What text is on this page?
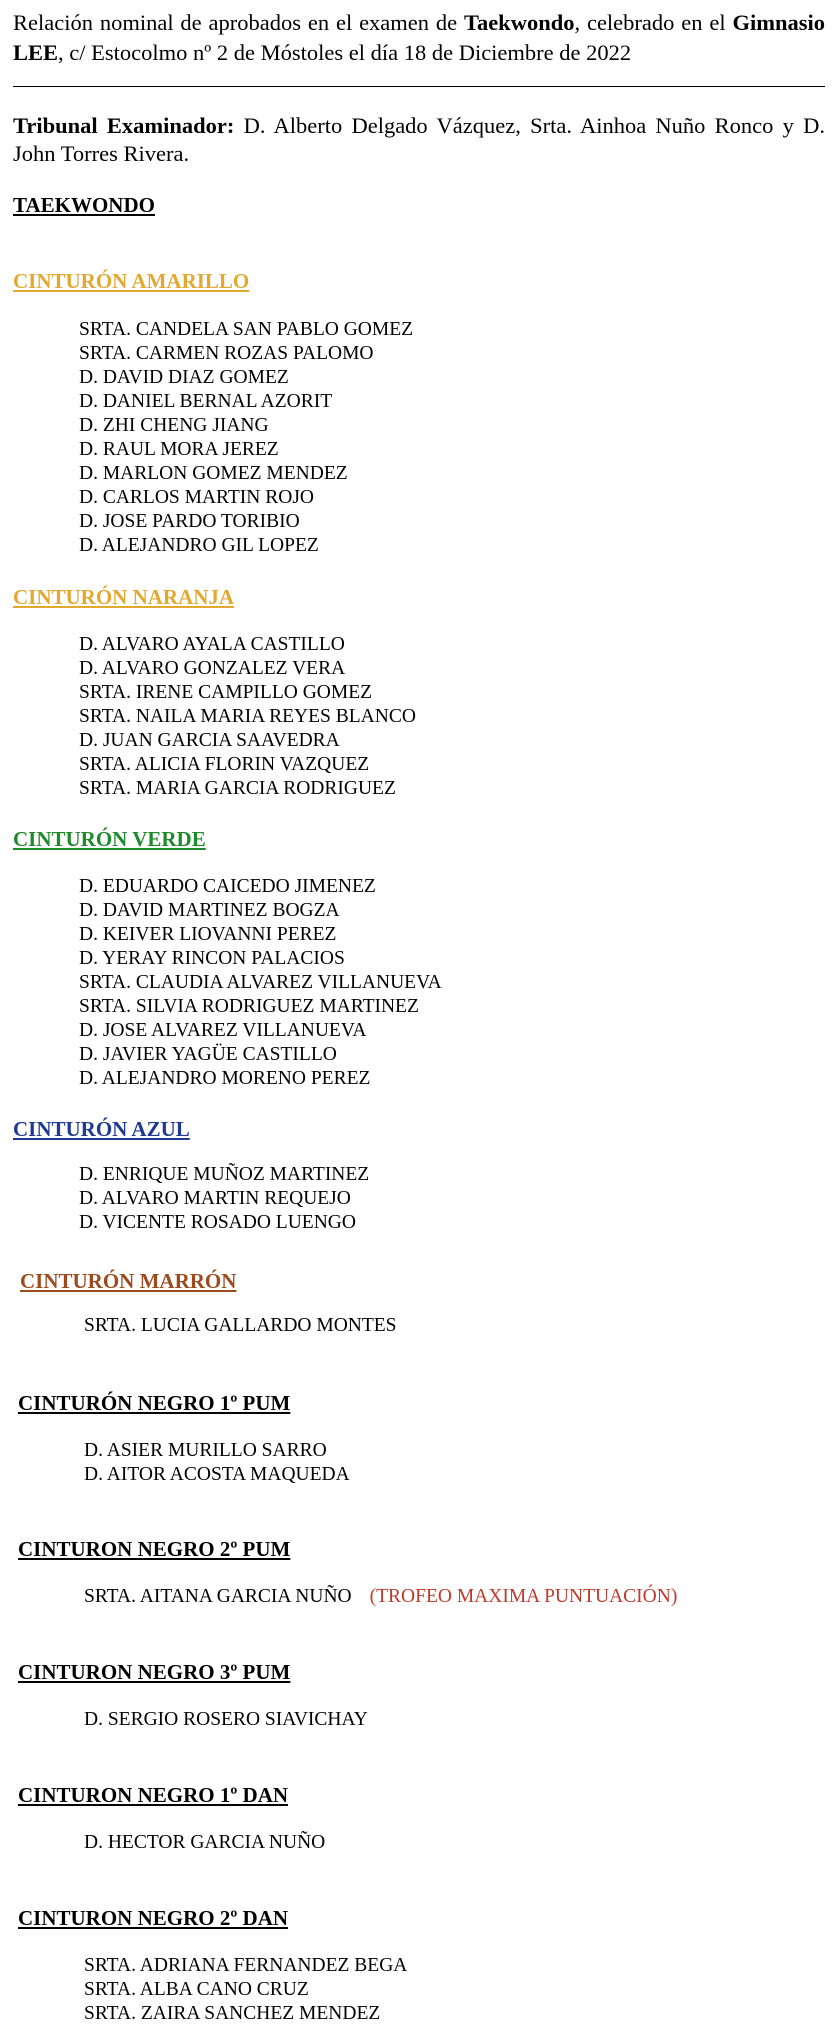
Relación nominal de aprobados en el examen de Taekwondo, celebrado en el Gimnasio LEE, c/ Estocolmo nº 2 de Móstoles el día 18 de Diciembre de 2022
Tribunal Examinador: D. Alberto Delgado Vázquez, Srta. Ainhoa Nuño Ronco y D. John Torres Rivera.
TAEKWONDO
CINTURÓN AMARILLO
SRTA. CANDELA SAN PABLO GOMEZ
SRTA. CARMEN ROZAS PALOMO
D. DAVID DIAZ GOMEZ
D. DANIEL BERNAL AZORIT
D. ZHI CHENG JIANG
D. RAUL MORA JEREZ
D. MARLON GOMEZ MENDEZ
D. CARLOS MARTIN ROJO
D. JOSE PARDO TORIBIO
D. ALEJANDRO GIL LOPEZ
CINTURÓN NARANJA
D. ALVARO AYALA CASTILLO
D. ALVARO GONZALEZ VERA
SRTA. IRENE CAMPILLO GOMEZ
SRTA. NAILA MARIA REYES BLANCO
D. JUAN GARCIA SAAVEDRA
SRTA. ALICIA FLORIN VAZQUEZ
SRTA. MARIA GARCIA RODRIGUEZ
CINTURÓN VERDE
D. EDUARDO CAICEDO JIMENEZ
D. DAVID MARTINEZ BOGZA
D. KEIVER LIOVANNI PEREZ
D. YERAY RINCON PALACIOS
SRTA. CLAUDIA ALVAREZ VILLANUEVA
SRTA. SILVIA RODRIGUEZ MARTINEZ
D. JOSE ALVAREZ VILLANUEVA
D. JAVIER YAGÜE CASTILLO
D. ALEJANDRO MORENO PEREZ
CINTURÓN AZUL
D. ENRIQUE MUÑOZ MARTINEZ
D. ALVARO MARTIN REQUEJO
D. VICENTE ROSADO LUENGO
CINTURÓN MARRÓN
SRTA. LUCIA GALLARDO MONTES
CINTURÓN NEGRO 1º PUM
D. ASIER MURILLO SARRO
D. AITOR ACOSTA MAQUEDA
CINTURON NEGRO 2º PUM
SRTA. AITANA GARCIA NUÑO (TROFEO MAXIMA PUNTUACIÓN)
CINTURON NEGRO 3º PUM
D. SERGIO ROSERO SIAVICHAY
CINTURON NEGRO 1º DAN
D. HECTOR GARCIA NUÑO
CINTURON NEGRO 2º DAN
SRTA. ADRIANA FERNANDEZ BEGA
SRTA. ALBA CANO CRUZ
SRTA. ZAIRA SANCHEZ MENDEZ
